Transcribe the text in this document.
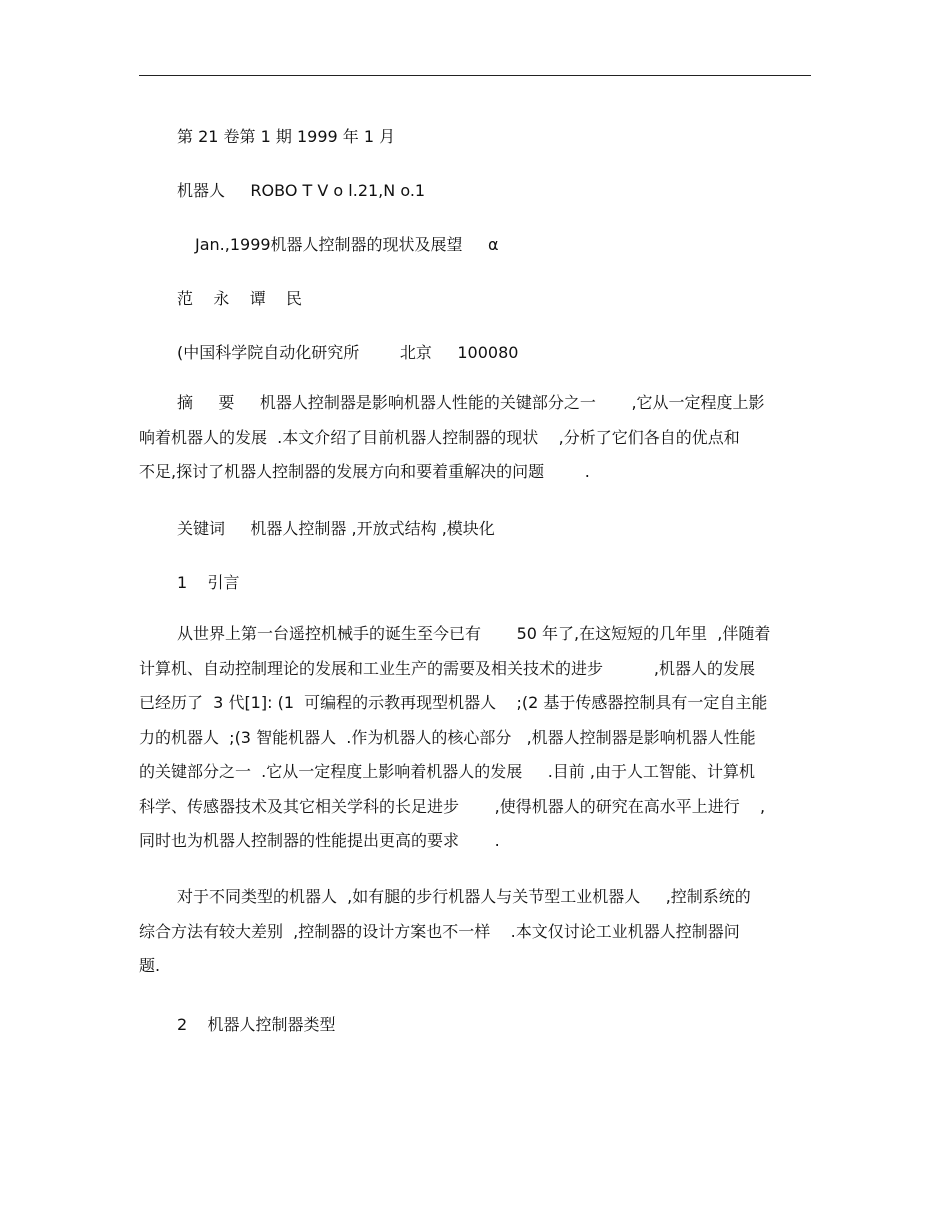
第 21 卷第 1 期 1999 年 1 月
机器人     ROBO T V o l.21,N o.1
Jan.,1999机器人控制器的现状及展望     α
范    永    谭    民
(中国科学院自动化研究所        北京     100080
摘     要     机器人控制器是影响机器人性能的关键部分之一       ,它从一定程度上影
响着机器人的发展  .本文介绍了目前机器人控制器的现状    ,分析了它们各自的优点和
不足,探讨了机器人控制器的发展方向和要着重解决的问题        .
关键词     机器人控制器 ,开放式结构 ,模块化
1    引言
从世界上第一台遥控机械手的诞生至今已有       50 年了,在这短短的几年里  ,伴随着
计算机、自动控制理论的发展和工业生产的需要及相关技术的进步          ,机器人的发展
已经历了  3 代[1]: (1  可编程的示教再现型机器人    ;(2 基于传感器控制具有一定自主能
力的机器人  ;(3 智能机器人  .作为机器人的核心部分   ,机器人控制器是影响机器人性能
的关键部分之一  .它从一定程度上影响着机器人的发展     .目前 ,由于人工智能、计算机
科学、传感器技术及其它相关学科的长足进步       ,使得机器人的研究在高水平上进行    ,
同时也为机器人控制器的性能提出更高的要求       .
对于不同类型的机器人  ,如有腿的步行机器人与关节型工业机器人     ,控制系统的
综合方法有较大差别  ,控制器的设计方案也不一样    .本文仅讨论工业机器人控制器问
题.
2    机器人控制器类型
